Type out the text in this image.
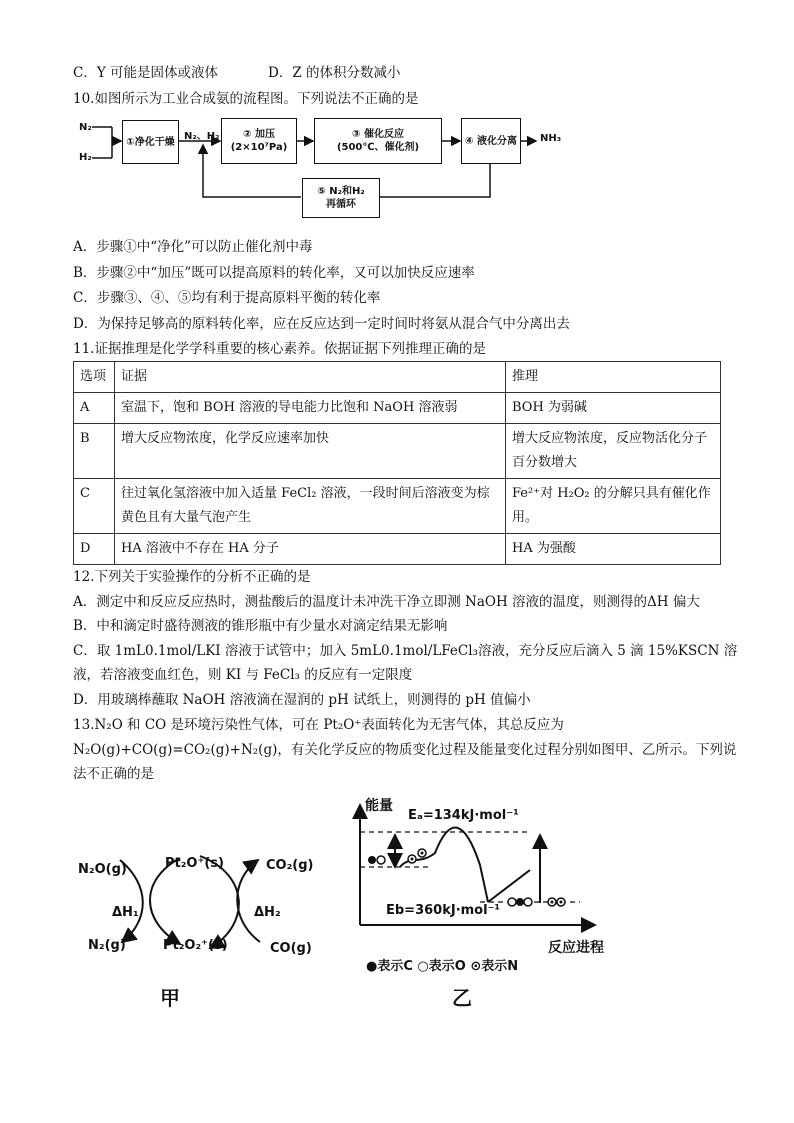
C．Y 可能是固体或液体	D．Z 的体积分数减小
10.如图所示为工业合成氨的流程图。下列说法不正确的是
N₂
H₂
①净化干燥 N₂、H₂ ② 加压
(2×10⁷Pa)
③ 催化反应
(500℃、催化剂)
④ 液化分离 NH₃
⑤ N₂和H₂
再循环
A．步骤①中“净化”可以防止催化剂中毒
B．步骤②中“加压”既可以提高原料的转化率，又可以加快反应速率
C．步骤③、④、⑤均有利于提高原料平衡的转化率
D．为保持足够高的原料转化率，应在反应达到一定时间时将氨从混合气中分离出去
11.证据推理是化学学科重要的核心素养。依据证据下列推理正确的是
选项	证据	推理
A	室温下，饱和 BOH 溶液的导电能力比饱和 NaOH 溶液弱	BOH 为弱碱
B	增大反应物浓度，化学反应速率加快	增大反应物浓度，反应物活化分子百分数增大
C	往过氧化氢溶液中加入适量 FeCl₂ 溶液，一段时间后溶液变为棕黄色且有大量气泡产生	Fe²⁺对 H₂O₂ 的分解只具有催化作用。
D	HA 溶液中不存在 HA 分子	HA 为强酸
12.下列关于实验操作的分析不正确的是
A．测定中和反应反应热时，测盐酸后的温度计未冲洗干净立即测 NaOH 溶液的温度，则测得的ΔH 偏大
B．中和滴定时盛待测液的锥形瓶中有少量水对滴定结果无影响
C．取 1mL0.1mol/LKI 溶液于试管中；加入 5mL0.1mol/LFeCl₃溶液，充分反应后滴入 5 滴 15%KSCN 溶
液，若溶液变血红色，则 KI 与 FeCl₃ 的反应有一定限度
D．用玻璃棒蘸取 NaOH 溶液滴在湿润的 pH 试纸上，则测得的 pH 值偏小
13.N₂O 和 CO 是环境污染性气体，可在 Pt₂O⁺表面转化为无害气体，其总反应为
N₂O(g)+CO(g)=CO₂(g)+N₂(g)，有关化学反应的物质变化过程及能量变化过程分别如图甲、乙所示。下列说
法不正确的是
N₂O(g)
N₂(g)
Pt₂O⁺(s)
Pt₂O₂⁺(s)
CO₂(g)
CO(g)
ΔH₁	ΔH₂
甲
能量
Eₐ=134kJ·mol⁻¹
Eb=360kJ·mol⁻¹
反应进程
●表示C ○表示O ⊙表示N
乙
